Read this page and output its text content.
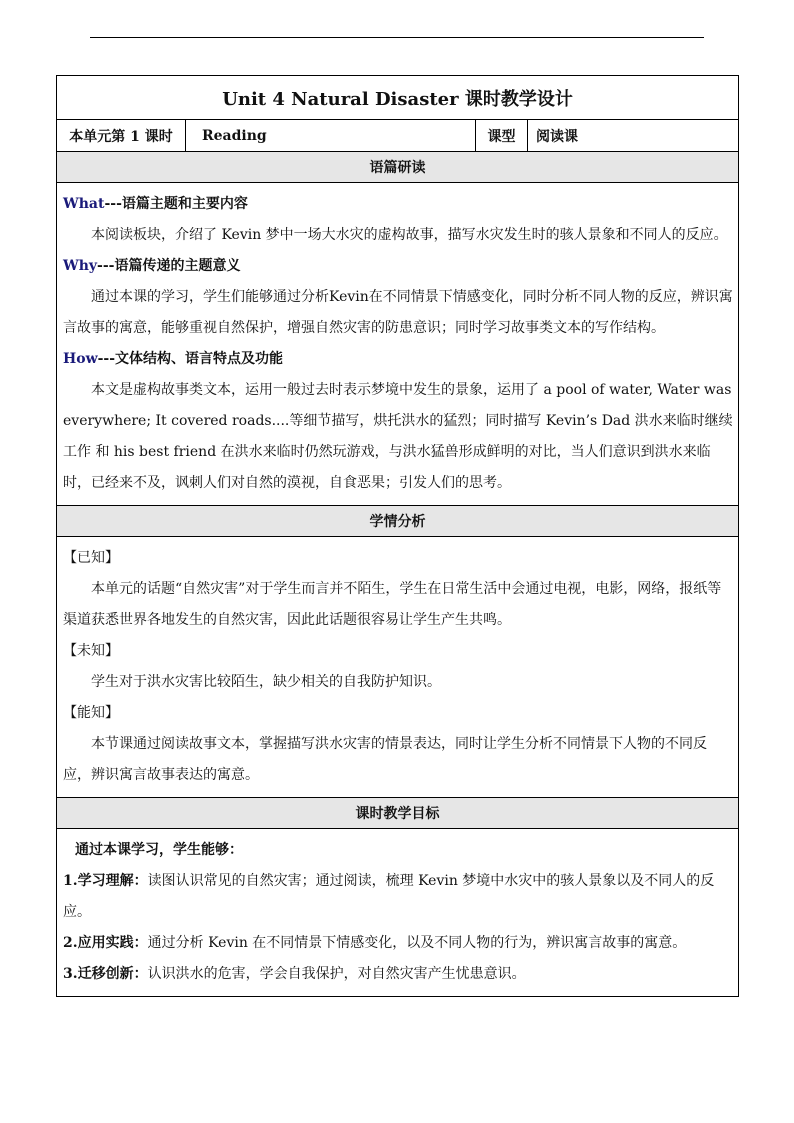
Unit 4 Natural Disaster 课时教学设计
本单元第 1 课时	Reading	课型	阅读课
语篇研读

What---语篇主题和主要内容

本阅读板块，介绍了 Kevin 梦中一场大水灾的虚构故事，描写水灾发生时的骇人景象和不同人的反应。

Why---语篇传递的主题意义

通过本课的学习，学生们能够通过分析Kevin在不同情景下情感变化，同时分析不同人物的反应，辨识寓言故事的寓意，能够重视自然保护，增强自然灾害的防患意识；同时学习故事类文本的写作结构。

How---文体结构、语言特点及功能

本文是虚构故事类文本，运用一般过去时表示梦境中发生的景象，运用了 a pool of water, Water was everywhere; It covered roads....等细节描写，烘托洪水的猛烈；同时描写 Kevin’s Dad 洪水来临时继续工作 和 his best friend 在洪水来临时仍然玩游戏，与洪水猛兽形成鲜明的对比，当人们意识到洪水来临时，已经来不及，讽刺人们对自然的漠视，自食恶果；引发人们的思考。

学情分析

【已知】

本单元的话题“自然灾害”对于学生而言并不陌生，学生在日常生活中会通过电视，电影，网络，报纸等渠道获悉世界各地发生的自然灾害，因此此话题很容易让学生产生共鸣。

【未知】

学生对于洪水灾害比较陌生，缺少相关的自我防护知识。

【能知】

本节课通过阅读故事文本，掌握描写洪水灾害的情景表达，同时让学生分析不同情景下人物的不同反应，辨识寓言故事表达的寓意。

课时教学目标

通过本课学习，学生能够：

1.学习理解：读图认识常见的自然灾害；通过阅读，梳理 Kevin 梦境中水灾中的骇人景象以及不同人的反应。

2.应用实践：通过分析 Kevin 在不同情景下情感变化，以及不同人物的行为，辨识寓言故事的寓意。

3.迁移创新：认识洪水的危害，学会自我保护，对自然灾害产生忧患意识。
